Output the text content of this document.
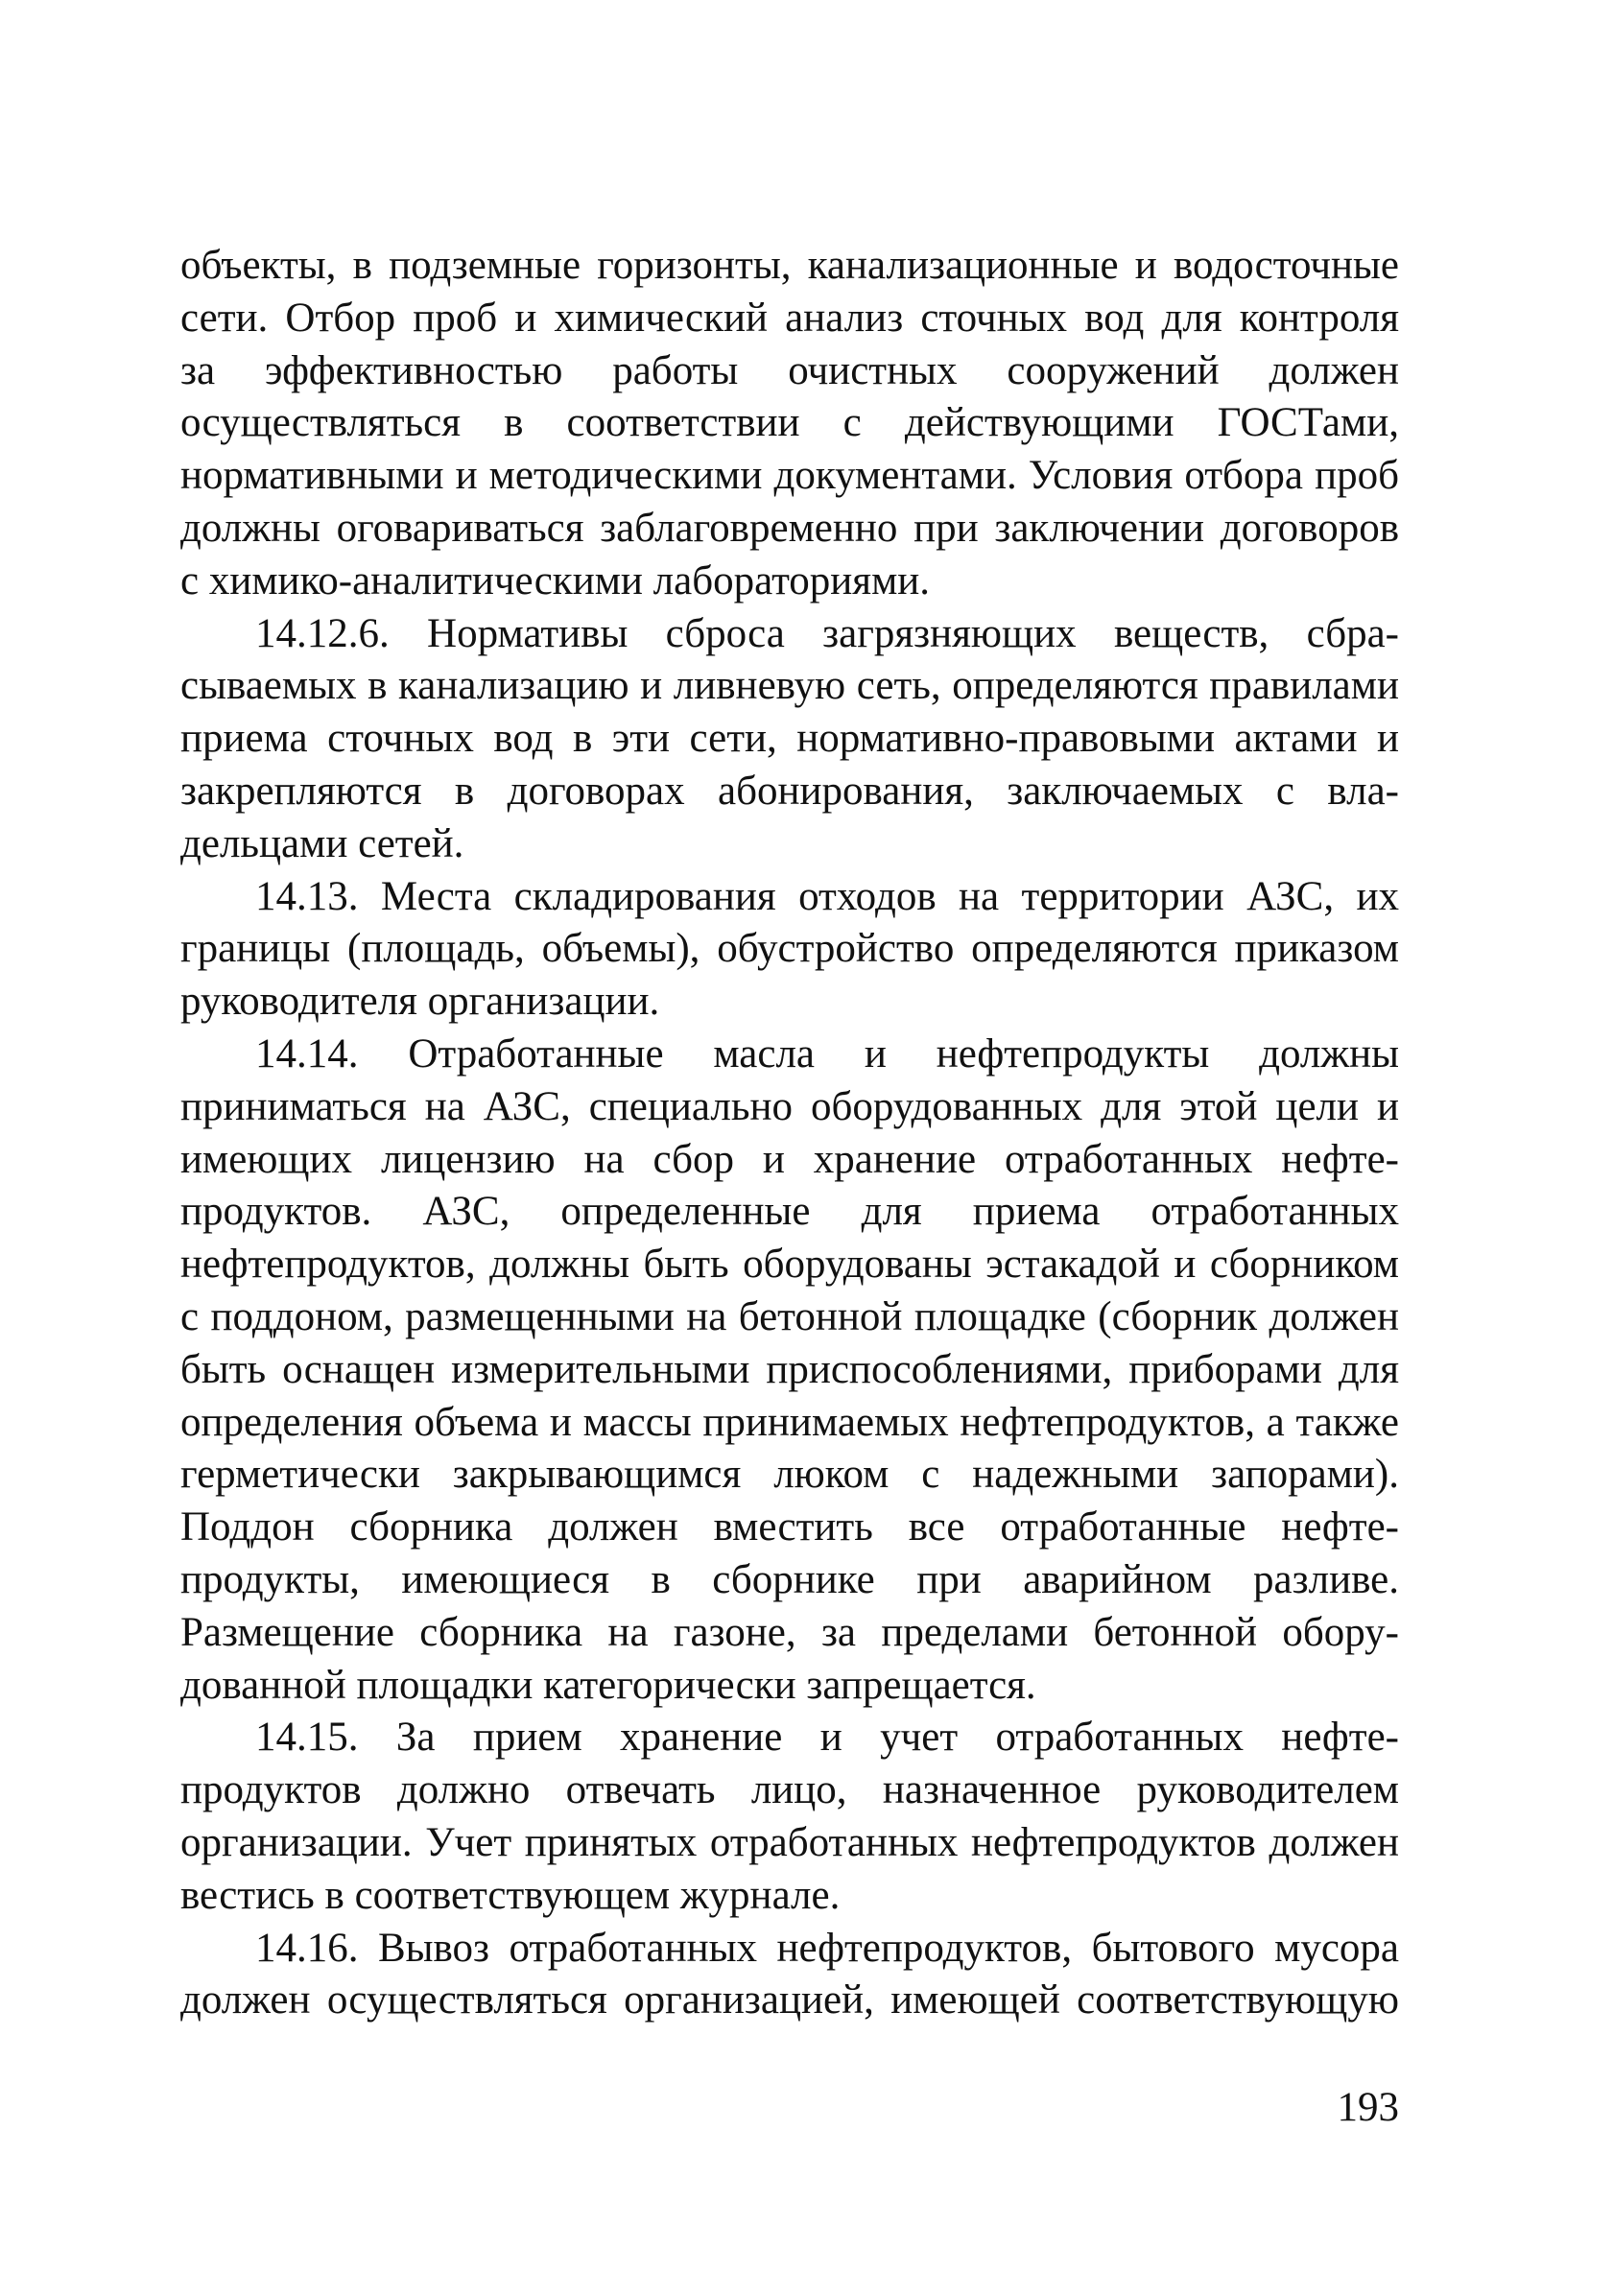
объекты, в подземные горизонты, канализационные и водосточные
сети. Отбор проб и химический анализ сточных вод для контроля
за эффективностью работы очистных сооружений должен
осуществляться в соответствии с действующими ГОСТами,
нормативными и методическими документами. Условия отбора проб
должны оговариваться заблаговременно при заключении договоров
с химико-аналитическими лабораториями.
14.12.6. Нормативы сброса загрязняющих веществ, сбра-
сываемых в канализацию и ливневую сеть, определяются правилами
приема сточных вод в эти сети, нормативно-правовыми актами и
закрепляются в договорах абонирования, заключаемых с вла-
дельцами сетей.
14.13. Места складирования отходов на территории АЗС, их
границы (площадь, объемы), обустройство определяются приказом
руководителя организации.
14.14. Отработанные масла и нефтепродукты должны
приниматься на АЗС, специально оборудованных для этой цели и
имеющих лицензию на сбор и хранение отработанных нефте-
продуктов. АЗС, определенные для приема отработанных
нефтепродуктов, должны быть оборудованы эстакадой и сборником
с поддоном, размещенными на бетонной площадке (сборник должен
быть оснащен измерительными приспособлениями, приборами для
определения объема и массы принимаемых нефтепродуктов, а также
герметически закрывающимся люком с надежными запорами).
Поддон сборника должен вместить все отработанные нефте-
продукты, имеющиеся в сборнике при аварийном разливе.
Размещение сборника на газоне, за пределами бетонной обору-
дованной площадки категорически запрещается.
14.15. За прием хранение и учет отработанных нефте-
продуктов должно отвечать лицо, назначенное руководителем
организации. Учет принятых отработанных нефтепродуктов должен
вестись в соответствующем журнале.
14.16. Вывоз отработанных нефтепродуктов, бытового мусора
должен осуществляться организацией, имеющей соответствующую
193
